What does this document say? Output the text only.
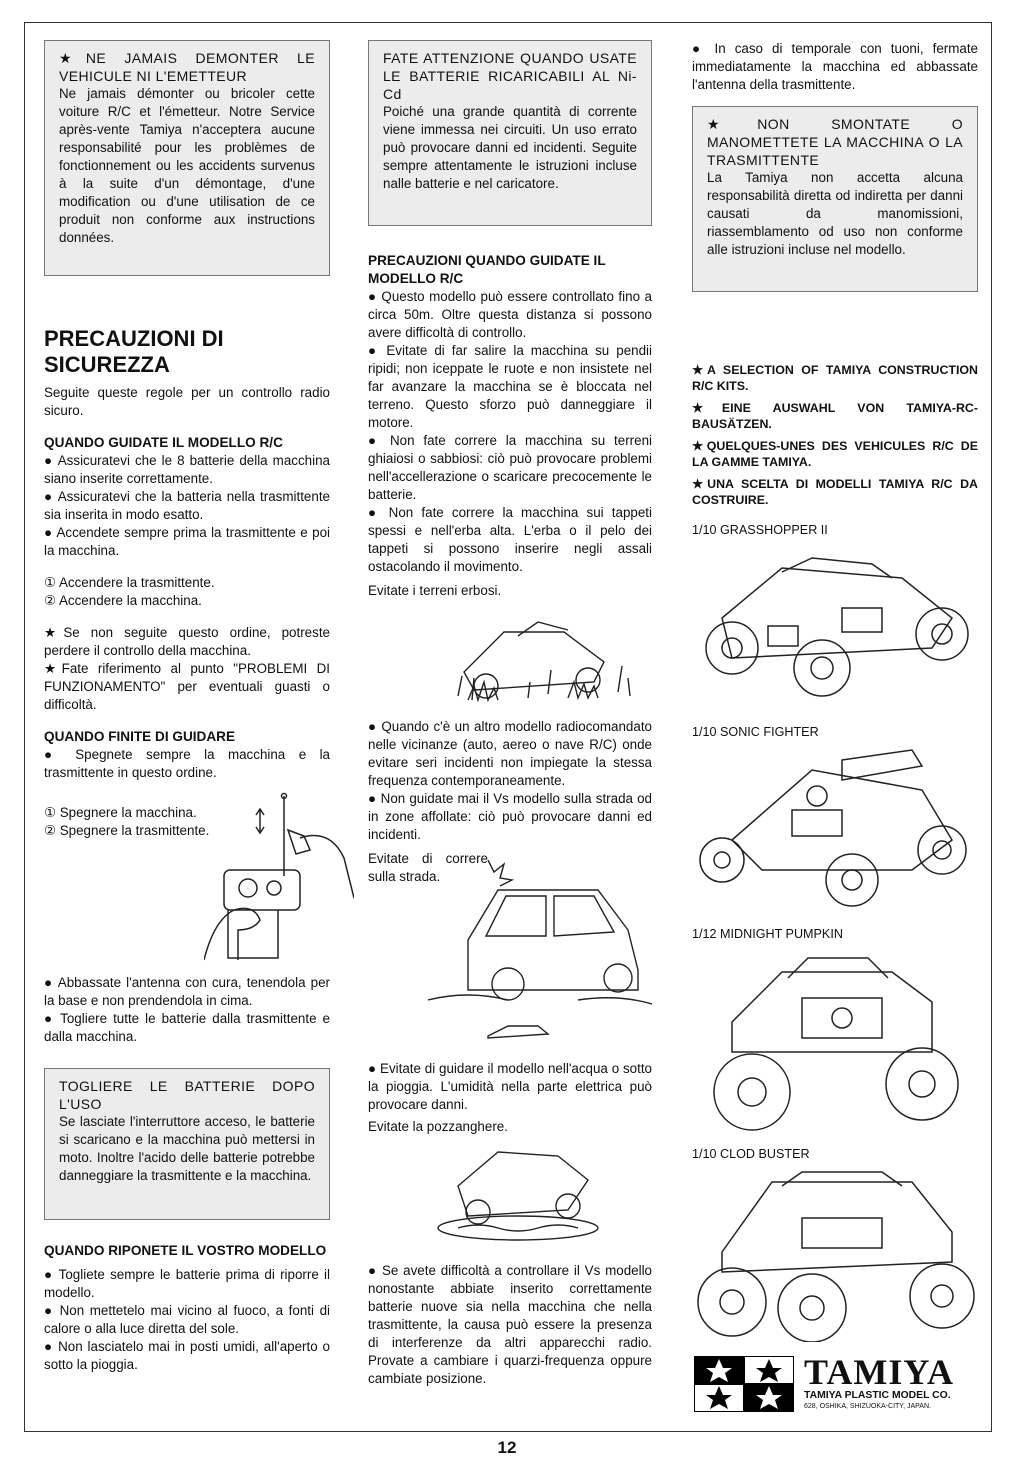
★NE JAMAIS DEMONTER LE VEHICULE NI L'EMETTEUR

Ne jamais démonter ou bricoler cette voiture R/C et l'émetteur. Notre Service après-vente Tamiya n'acceptera aucune responsabilité pour les problèmes de fonctionnement ou les accidents survenus à la suite d'un démontage, d'une modification ou d'une utilisation de ce produit non conforme aux instructions données.

PRECAUZIONI DI SICUREZZA

Seguite queste regole per un controllo radio sicuro.

QUANDO GUIDATE IL MODELLO R/C

● Assicuratevi che le 8 batterie della macchina siano inserite correttamente.

● Assicuratevi che la batteria nella trasmittente sia inserita in modo esatto.

● Accendete sempre prima la trasmittente e poi la macchina.

① Accendere la trasmittente.

② Accendere la macchina.

★Se non seguite questo ordine, potreste perdere il controllo della macchina.

★Fate riferimento al punto "PROBLEMI DI FUNZIONAMENTO" per eventuali guasti o difficoltà.

QUANDO FINITE DI GUIDARE

● Spegnete sempre la macchina e la trasmittente in questo ordine.

① Spegnere la macchina.

② Spegnere la trasmittente.

● Abbassate l'antenna con cura, tenendola per la base e non prendendola in cima.

● Togliere tutte le batterie dalla trasmittente e dalla macchina.

TOGLIERE LE BATTERIE DOPO L'USO

Se lasciate l'interruttore acceso, le batterie si scaricano e la macchina può mettersi in moto. Inoltre l'acido delle batterie potrebbe danneggiare la trasmittente e la macchina.

QUANDO RIPONETE IL VOSTRO MODELLO

● Togliete sempre le batterie prima di riporre il modello.

● Non mettetelo mai vicino al fuoco, a fonti di calore o alla luce diretta del sole.

● Non lasciatelo mai in posti umidi, all'aperto o sotto la pioggia.

FATE ATTENZIONE QUANDO USATE LE BATTERIE RICARICABILI AL Ni-Cd

Poiché una grande quantità di corrente viene immessa nei circuiti. Un uso errato può provocare danni ed incidenti. Seguite sempre attentamente le istruzioni incluse nalle batterie e nel caricatore.

PRECAUZIONI QUANDO GUIDATE IL MODELLO R/C

● Questo modello può essere controllato fino a circa 50m. Oltre questa distanza si possono avere difficoltà di controllo.

● Evitate di far salire la macchina su pendii ripidi; non iceppate le ruote e non insistete nel far avanzare la macchina se è bloccata nel terreno. Questo sforzo può danneggiare il motore.

● Non fate correre la macchina su terreni ghiaiosi o sabbiosi: ciò può provocare problemi nell'accellerazione o scaricare precocemente le batterie.

● Non fate correre la macchina sui tappeti spessi e nell'erba alta. L'erba o il pelo dei tappeti si possono inserire negli assali ostacolando il movimento.

Evitate i terreni erbosi.

● Quando c'è un altro modello radiocomandato nelle vicinanze (auto, aereo o nave R/C) onde evitare seri incidenti non impiegate la stessa frequenza contemporaneamente.

● Non guidate mai il Vs modello sulla strada od in zone affollate: ciò può provocare danni ed incidenti.

Evitate di correre sulla strada.

● Evitate di guidare il modello nell'acqua o sotto la pioggia. L'umidità nella parte elettrica può provocare danni.

Evitate la pozzanghere.

● Se avete difficoltà a controllare il Vs modello nonostante abbiate inserito correttamente batterie nuove sia nella macchina che nella trasmittente, la causa può essere la presenza di interferenze da altri apparecchi radio. Provate a cambiare i quarzi-frequenza oppure cambiate posizione.

● In caso di temporale con tuoni, fermate immediatamente la macchina ed abbassate l'antenna della trasmittente.

★NON SMONTATE O MANOMETTETE LA MACCHINA O LA TRASMITTENTE

La Tamiya non accetta alcuna responsabilità diretta od indiretta per danni causati da manomissioni, riassemblamento od uso non conforme alle istruzioni incluse nel modello.

★A SELECTION OF TAMIYA CONSTRUCTION R/C KITS.

★EINE AUSWAHL VON TAMIYA-RC-BAUSÄTZEN.

★QUELQUES-UNES DES VEHICULES R/C DE LA GAMME TAMIYA.

★UNA SCELTA DI MODELLI TAMIYA R/C DA COSTRUIRE.

1/10 GRASSHOPPER II

1/10 SONIC FIGHTER

1/12 MIDNIGHT PUMPKIN

1/10 CLOD BUSTER

TAMIYA
TAMIYA PLASTIC MODEL CO.
628, OSHIKA, SHIZUOKA-CITY, JAPAN.
12
